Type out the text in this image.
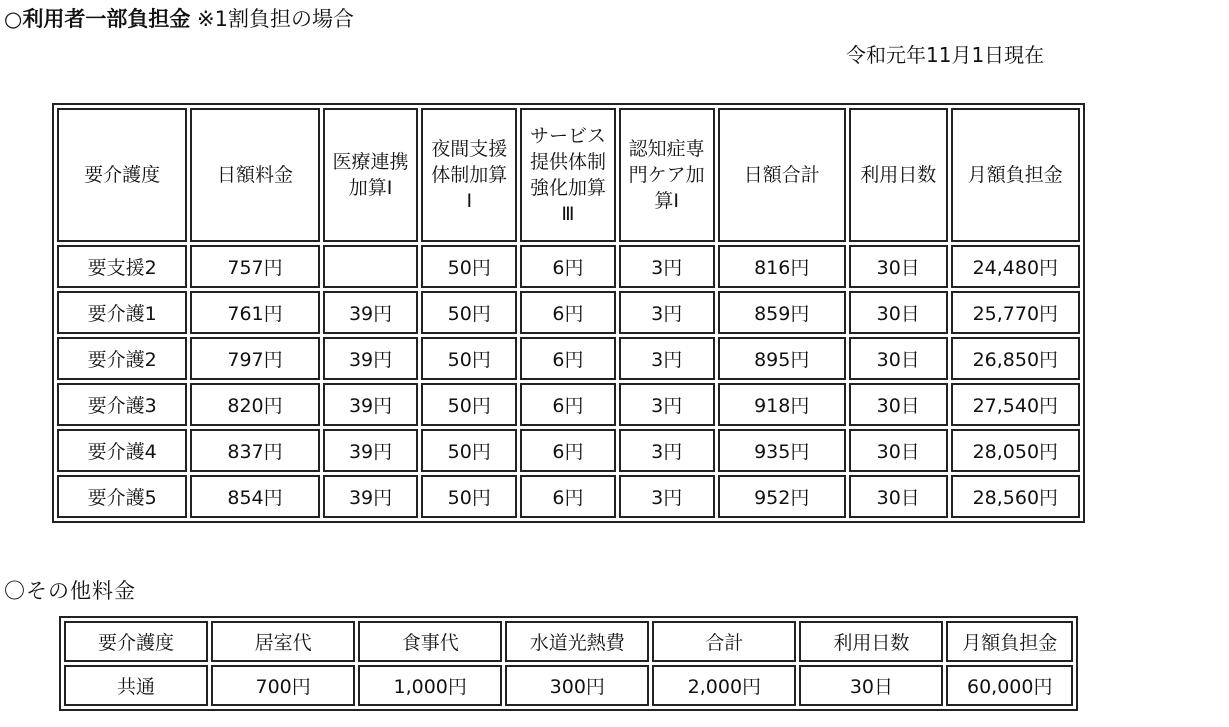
○利用者一部負担金 ※1割負担の場合
令和元年11月1日現在
要介護度	日額料金	医療連携
加算Ⅰ	夜間支援
体制加算
Ⅰ	サービス
提供体制
強化加算
Ⅲ	認知症専
門ケア加
算Ⅰ	日額合計	利用日数	月額負担金

要支援2	757円		50円	6円	3円	816円	30日	24,480円
要介護1	761円	39円	50円	6円	3円	859円	30日	25,770円
要介護2	797円	39円	50円	6円	3円	895円	30日	26,850円
要介護3	820円	39円	50円	6円	3円	918円	30日	27,540円
要介護4	837円	39円	50円	6円	3円	935円	30日	28,050円
要介護5	854円	39円	50円	6円	3円	952円	30日	28,560円
〇その他料金
要介護度	居室代	食事代	水道光熱費	合計	利用日数	月額負担金

共通	700円	1,000円	300円	2,000円	30日	60,000円
